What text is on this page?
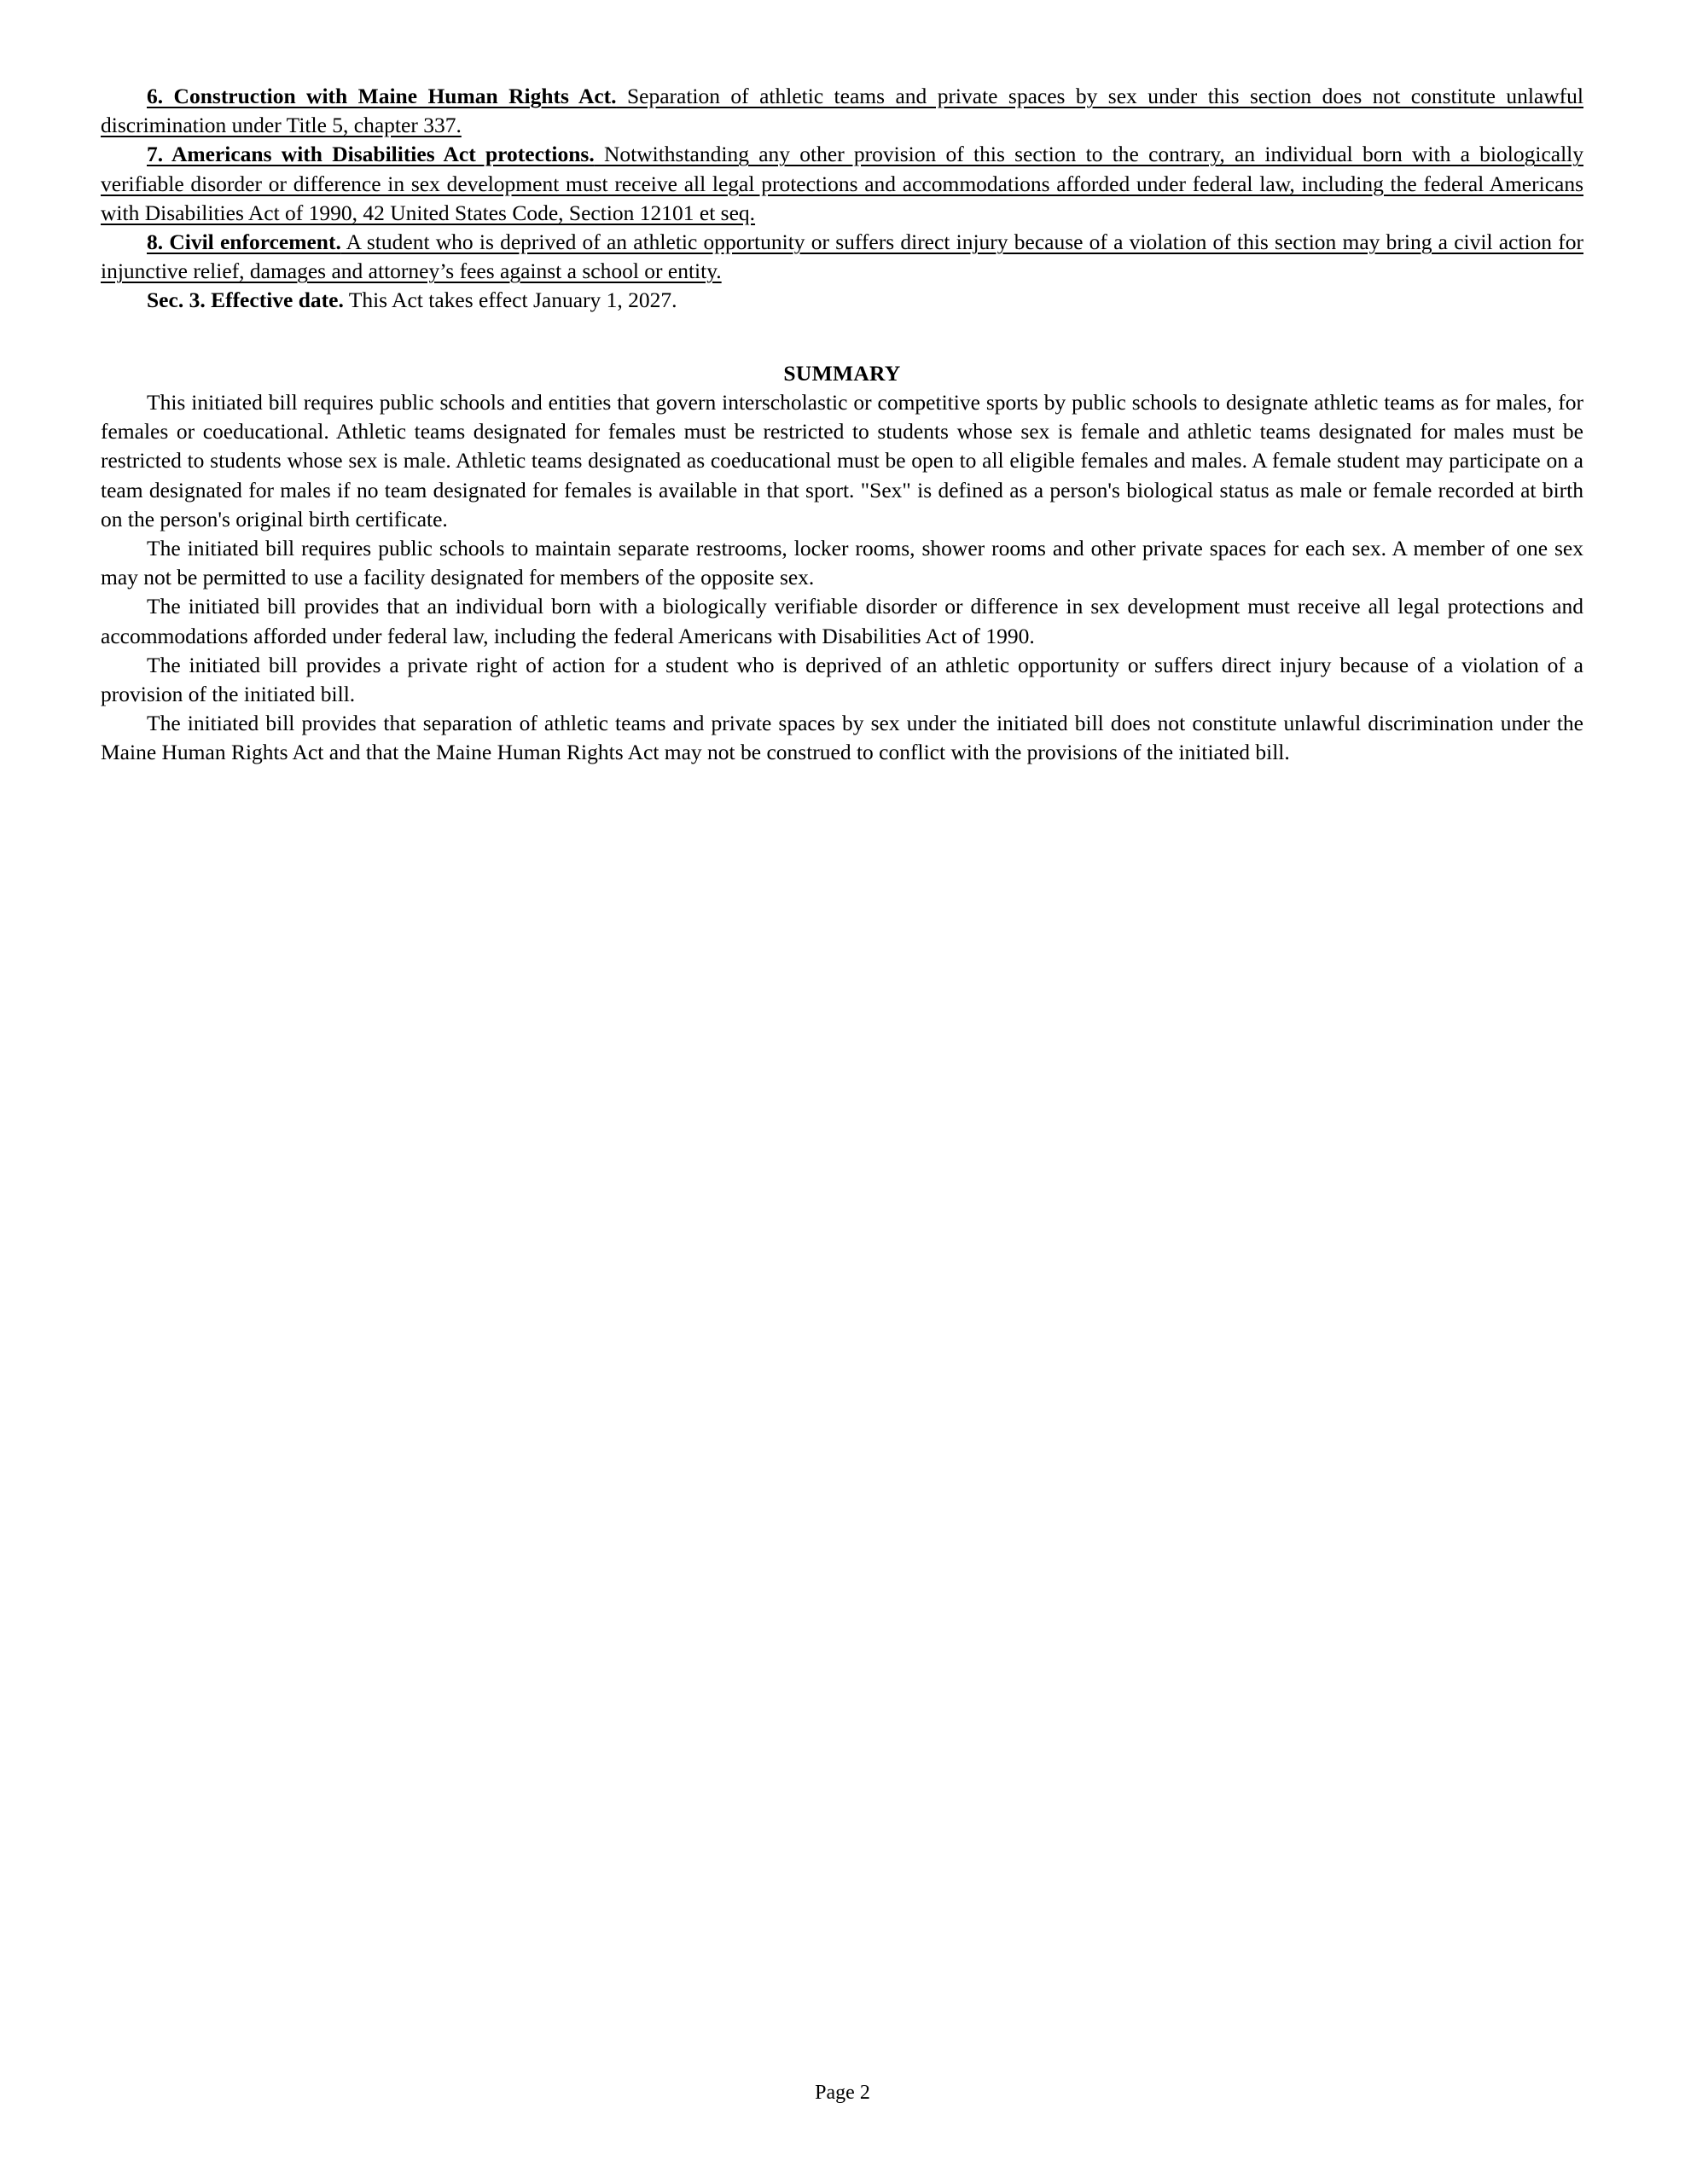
6. Construction with Maine Human Rights Act. Separation of athletic teams and private spaces by sex under this section does not constitute unlawful discrimination under Title 5, chapter 337.

7. Americans with Disabilities Act protections. Notwithstanding any other provision of this section to the contrary, an individual born with a biologically verifiable disorder or difference in sex development must receive all legal protections and accommodations afforded under federal law, including the federal Americans with Disabilities Act of 1990, 42 United States Code, Section 12101 et seq.

8. Civil enforcement. A student who is deprived of an athletic opportunity or suffers direct injury because of a violation of this section may bring a civil action for injunctive relief, damages and attorney’s fees against a school or entity.

Sec. 3. Effective date. This Act takes effect January 1, 2027.

SUMMARY

This initiated bill requires public schools and entities that govern interscholastic or competitive sports by public schools to designate athletic teams as for males, for females or coeducational. Athletic teams designated for females must be restricted to students whose sex is female and athletic teams designated for males must be restricted to students whose sex is male. Athletic teams designated as coeducational must be open to all eligible females and males. A female student may participate on a team designated for males if no team designated for females is available in that sport. "Sex" is defined as a person's biological status as male or female recorded at birth on the person's original birth certificate.

The initiated bill requires public schools to maintain separate restrooms, locker rooms, shower rooms and other private spaces for each sex. A member of one sex may not be permitted to use a facility designated for members of the opposite sex.

The initiated bill provides that an individual born with a biologically verifiable disorder or difference in sex development must receive all legal protections and accommodations afforded under federal law, including the federal Americans with Disabilities Act of 1990.

The initiated bill provides a private right of action for a student who is deprived of an athletic opportunity or suffers direct injury because of a violation of a provision of the initiated bill.

The initiated bill provides that separation of athletic teams and private spaces by sex under the initiated bill does not constitute unlawful discrimination under the Maine Human Rights Act and that the Maine Human Rights Act may not be construed to conflict with the provisions of the initiated bill.

Page 2
